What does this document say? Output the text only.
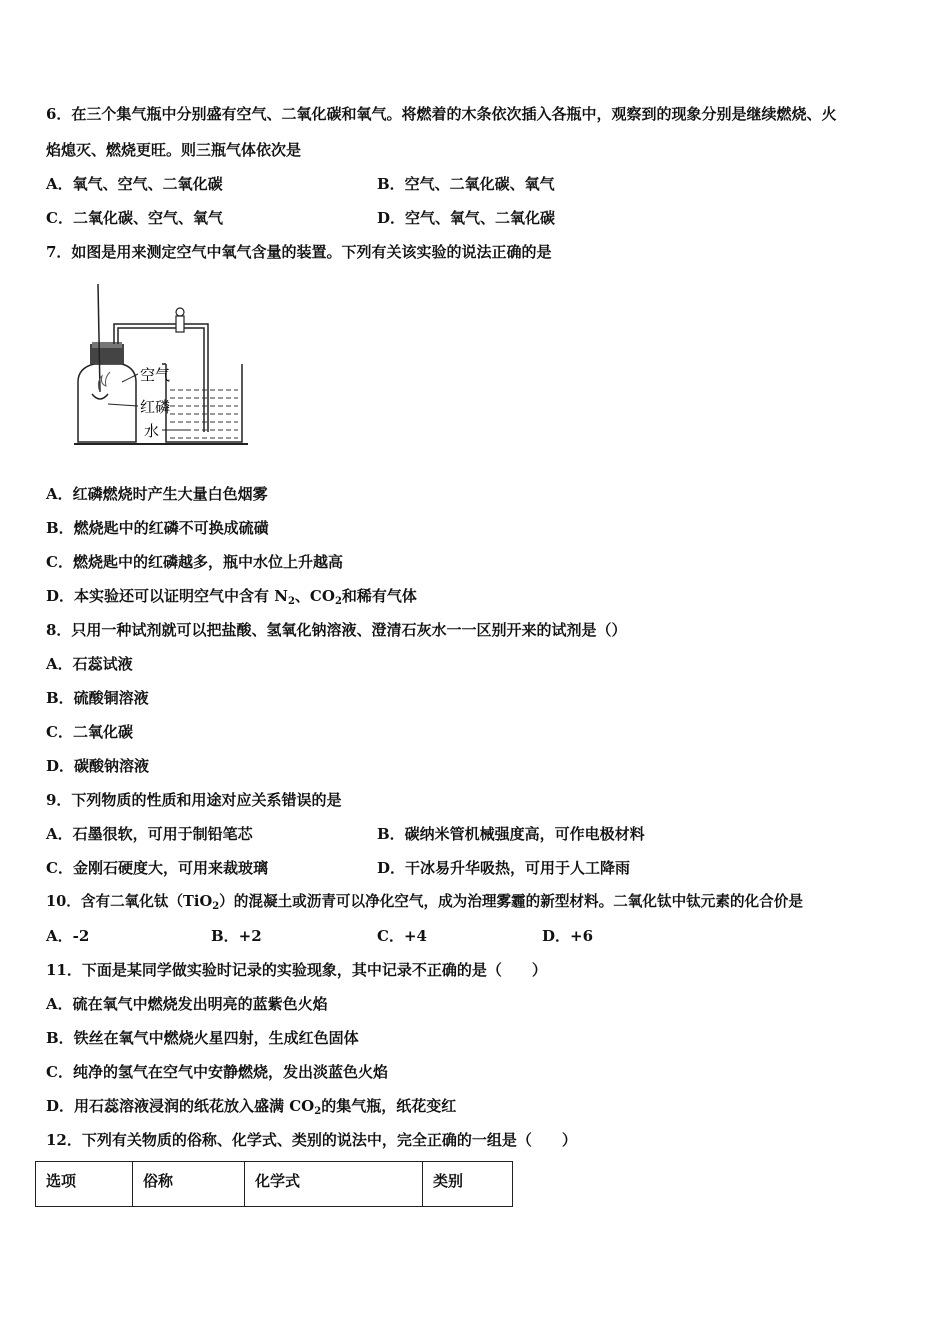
6．在三个集气瓶中分别盛有空气、二氧化碳和氧气。将燃着的木条依次插入各瓶中，观察到的现象分别是继续燃烧、火
焰熄灭、燃烧更旺。则三瓶气体依次是
A．氧气、空气、二氧化碳	B．空气、二氧化碳、氧气
C．二氧化碳、空气、氧气	D．空气、氧气、二氧化碳
7．如图是用来测定空气中氧气含量的装置。下列有关该实验的说法正确的是
空气
红磷
水
A．红磷燃烧时产生大量白色烟雾
B．燃烧匙中的红磷不可换成硫磺
C．燃烧匙中的红磷越多，瓶中水位上升越高
D．本实验还可以证明空气中含有 $N_2$、$CO_2$和稀有气体
8．只用一种试剂就可以把盐酸、氢氧化钠溶液、澄清石灰水一一区别开来的试剂是（）
A．石蕊试液
B．硫酸铜溶液
C．二氧化碳
D．碳酸钠溶液
9．下列物质的性质和用途对应关系错误的是
A．石墨很软，可用于制铅笔芯	B．碳纳米管机械强度高，可作电极材料
C．金刚石硬度大，可用来裁玻璃	D．干冰易升华吸热，可用于人工降雨
10．含有二氧化钛（TiO$_2$）的混凝土或沥青可以净化空气，成为治理雾霾的新型材料。二氧化钛中钛元素的化合价是
A．-2	B．+2	C．+4	D．+6
11．下面是某同学做实验时记录的实验现象，其中记录不正确的是（　　）
A．硫在氧气中燃烧发出明亮的蓝紫色火焰
B．铁丝在氧气中燃烧火星四射，生成红色固体
C．纯净的氢气在空气中安静燃烧，发出淡蓝色火焰
D．用石蕊溶液浸润的纸花放入盛满 $CO_2$的集气瓶，纸花变红
12．下列有关物质的俗称、化学式、类别的说法中，完全正确的一组是（　　）
选项	俗称	化学式	类别
